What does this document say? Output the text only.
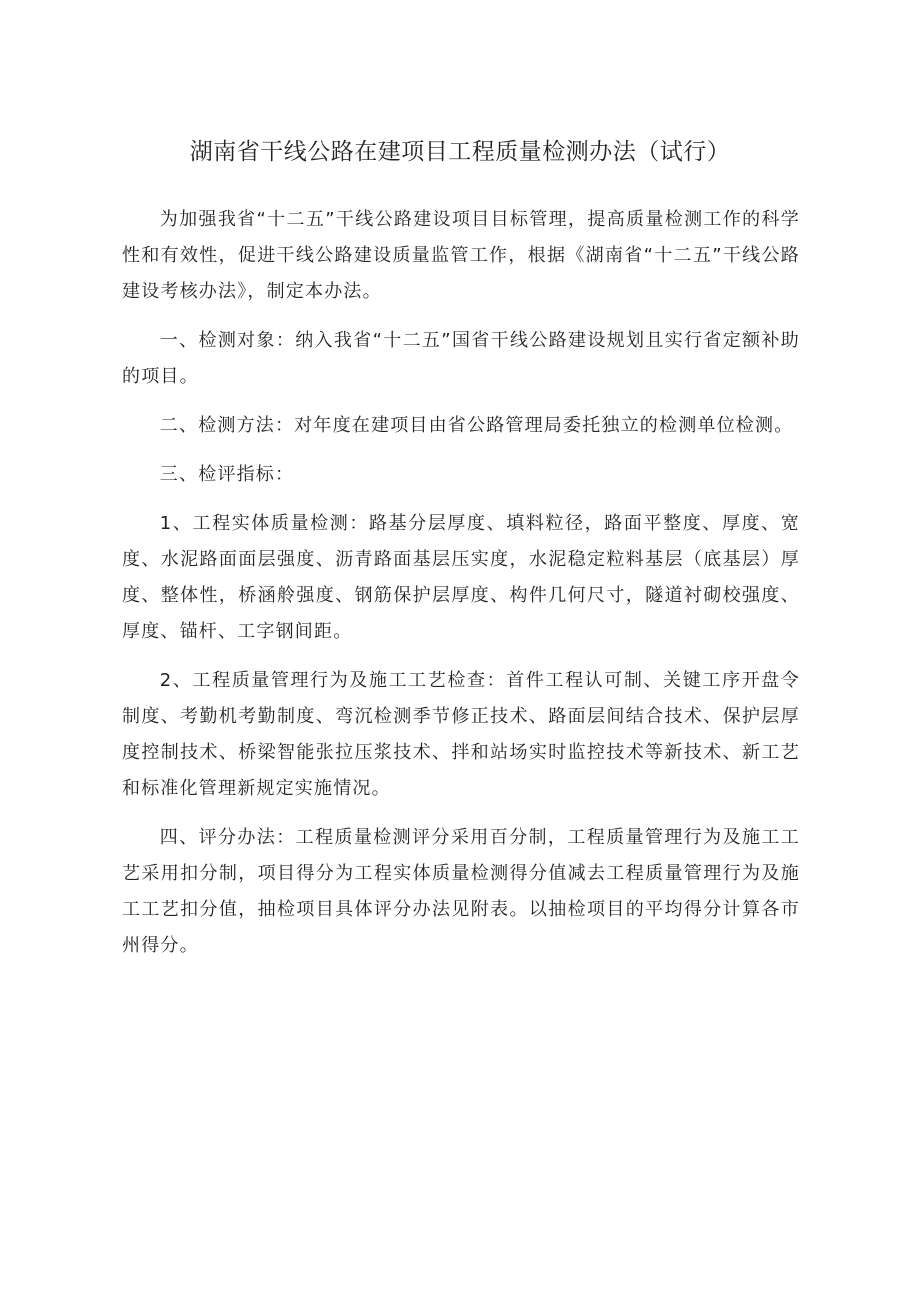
湖南省干线公路在建项目工程质量检测办法（试行）

为加强我省“十二五”干线公路建设项目目标管理，提高质量检测工作的科学性和有效性，促进干线公路建设质量监管工作，根据《湖南省“十二五”干线公路建设考核办法》，制定本办法。

一、检测对象：纳入我省“十二五”国省干线公路建设规划且实行省定额补助的项目。

二、检测方法：对年度在建项目由省公路管理局委托独立的检测单位检测。

三、检评指标：

1、工程实体质量检测：路基分层厚度、填料粒径，路面平整度、厚度、宽度、水泥路面面层强度、沥青路面基层压实度，水泥稳定粒料基层（底基层）厚度、整体性，桥涵舲强度、钢筋保护层厚度、构件几何尺寸，隧道衬砌校强度、厚度、锚杆、工字钢间距。

2、工程质量管理行为及施工工艺检查：首件工程认可制、关键工序开盘令制度、考勤机考勤制度、弯沉检测季节修正技术、路面层间结合技术、保护层厚度控制技术、桥梁智能张拉压浆技术、拌和站场实时监控技术等新技术、新工艺和标准化管理新规定实施情况。

四、评分办法：工程质量检测评分采用百分制，工程质量管理行为及施工工艺采用扣分制，项目得分为工程实体质量检测得分值减去工程质量管理行为及施工工艺扣分值，抽检项目具体评分办法见附表。以抽检项目的平均得分计算各市州得分。
